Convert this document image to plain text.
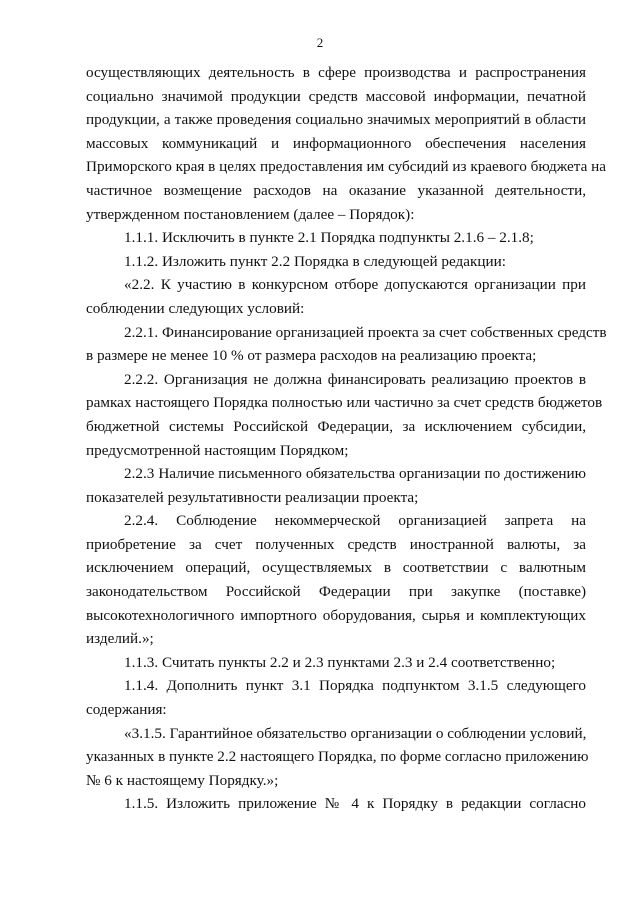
2

осуществляющих деятельность в сфере производства и распространения

социально значимой продукции средств массовой информации, печатной

продукции, а также проведения социально значимых мероприятий в области

массовых коммуникаций и информационного обеспечения населения

Приморского края в целях предоставления им субсидий из краевого бюджета на

частичное возмещение расходов на оказание указанной деятельности,

утвержденном постановлением (далее – Порядок):

1.1.1. Исключить в пункте 2.1 Порядка подпункты 2.1.6 – 2.1.8;

1.1.2. Изложить пункт 2.2 Порядка в следующей редакции:

«2.2. К участию в конкурсном отборе допускаются организации при

соблюдении следующих условий:

2.2.1. Финансирование организацией проекта за счет собственных средств

в размере не менее 10 % от размера расходов на реализацию проекта;

2.2.2. Организация не должна финансировать реализацию проектов в

рамках настоящего Порядка полностью или частично за счет средств бюджетов

бюджетной системы Российской Федерации, за исключением субсидии,

предусмотренной настоящим Порядком;

2.2.3 Наличие письменного обязательства организации по достижению

показателей результативности реализации проекта;

2.2.4. Соблюдение некоммерческой организацией запрета на

приобретение за счет полученных средств иностранной валюты, за

исключением операций, осуществляемых в соответствии с валютным

законодательством Российской Федерации при закупке (поставке)

высокотехнологичного импортного оборудования, сырья и комплектующих

изделий.»;

1.1.3. Считать пункты 2.2 и 2.3 пунктами 2.3 и 2.4 соответственно;

1.1.4. Дополнить пункт 3.1 Порядка подпунктом 3.1.5 следующего

содержания:

«3.1.5. Гарантийное обязательство организации о соблюдении условий,

указанных в пункте 2.2 настоящего Порядка, по форме согласно приложению

№ 6 к настоящему Порядку.»;

1.1.5. Изложить приложение № 4 к Порядку в редакции согласно
